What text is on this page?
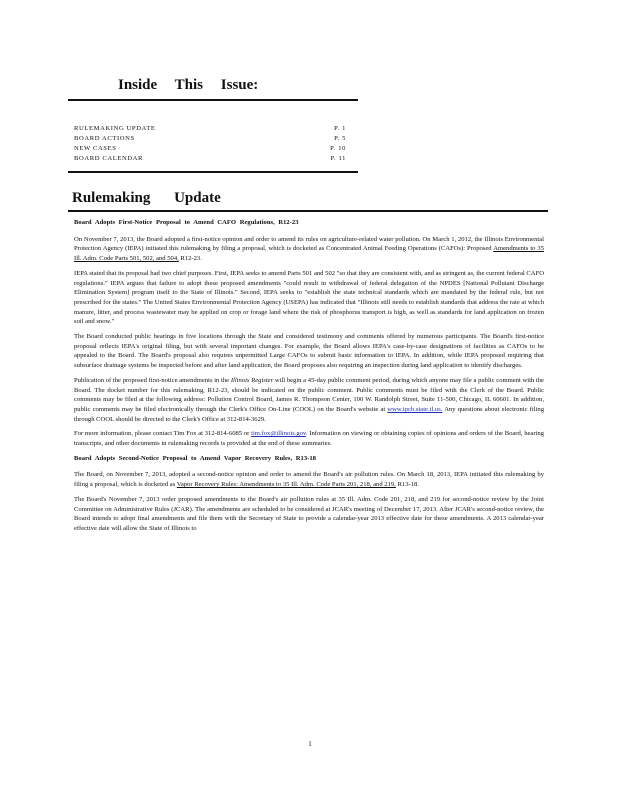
Inside This Issue:
RULEMAKING UPDATE	P. 1
BOARD ACTIONS	P. 5
NEW CASES	P. 10
BOARD CALENDAR	P. 11
Rulemaking Update
Board Adopts First-Notice Proposal to Amend CAFO Regulations, R12-23

On November 7, 2013, the Board adopted a first-notice opinion and order to amend its rules on agriculture-related water pollution. On March 1, 2012, the Illinois Environmental Protection Agency (IEPA) initiated this rulemaking by filing a proposal, which is docketed as Concentrated Animal Feeding Operations (CAFOs): Proposed Amendments to 35 Ill. Adm. Code Parts 501, 502, and 504, R12-23.

IEPA stated that its proposal had two chief purposes. First, IEPA seeks to amend Parts 501 and 502 "so that they are consistent with, and as stringent as, the current federal CAFO regulations." IEPA argues that failure to adopt these proposed amendments "could result in withdrawal of federal delegation of the NPDES [National Pollutant Discharge Elimination System] program itself to the State of Illinois." Second, IEPA seeks to "establish the state technical standards which are mandated by the federal rule, but not prescribed for the states." The United States Environmental Protection Agency (USEPA) has indicated that "Illinois still needs to establish standards that address the rate at which manure, litter, and process wastewater may be applied on crop or forage land where the risk of phosphorus transport is high, as well as standards for land application on frozen soil and snow."

The Board conducted public hearings in five locations through the State and considered testimony and comments offered by numerous participants. The Board's first-notice proposal reflects IEPA's original filing, but with several important changes. For example, the Board allows IEPA's case-by-case designations of facilities as CAFOs to be appealed to the Board. The Board's proposal also requires unpermitted Large CAFOs to submit basic information to IEPA. In addition, while IEPA proposed requiring that subsurface drainage systems be inspected before and after land application, the Board proposes also requiring an inspection during land application to identify discharges.

Publication of the proposed first-notice amendments in the Illinois Register will begin a 45-day public comment period, during which anyone may file a public comment with the Board. The docket number for this rulemaking, R12-23, should be indicated on the public comment. Public comments must be filed with the Clerk of the Board. Public comments may be filed at the following address: Pollution Control Board, James R. Thompson Center, 100 W. Randolph Street, Suite 11-500, Chicago, IL 60601. In addition, public comments may be filed electronically through the Clerk's Office On-Line (COOL) on the Board's website at www.ipcb.state.il.us. Any questions about electronic filing through COOL should be directed to the Clerk's Office at 312-814-3629.

For more information, please contact Tim Fox at 312-814-6085 or tim.fox@illinois.gov. Information on viewing or obtaining copies of opinions and orders of the Board, hearing transcripts, and other documents in rulemaking records is provided at the end of these summaries.

Board Adopts Second-Notice Proposal to Amend Vapor Recovery Rules, R13-18

The Board, on November 7, 2013, adopted a second-notice opinion and order to amend the Board's air pollution rules. On March 18, 2013, IEPA initiated this rulemaking by filing a proposal, which is docketed as Vapor Recovery Rules: Amendments to 35 Ill. Adm. Code Parts 201, 218, and 219, R13-18.

The Board's November 7, 2013 order proposed amendments to the Board's air pollution rules at 35 Ill. Adm. Code 201, 218, and 219 for second-notice review by the Joint Committee on Administrative Rules (JCAR). The amendments are scheduled to be considered at JCAR's meeting of December 17, 2013. After JCAR's second-notice review, the Board intends to adopt final amendments and file them with the Secretary of State to provide a calendar-year 2013 effective date for these amendments. A 2013 calendar-year effective date will allow the State of Illinois to

1
